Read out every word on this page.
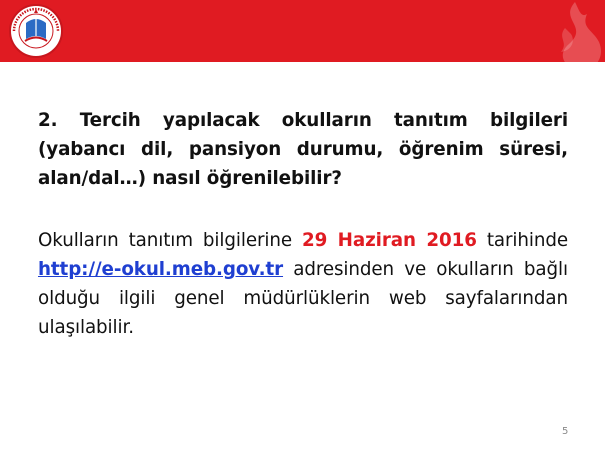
2. Tercih yapılacak okulların tanıtım bilgileri (yabancı dil, pansiyon durumu, öğrenim süresi, alan/dal…) nasıl öğrenilebilir?

Okulların tanıtım bilgilerine 29 Haziran 2016 tarihinde http://e-okul.meb.gov.tr adresinden ve okulların bağlı olduğu ilgili genel müdürlüklerin web sayfalarından ulaşılabilir.

5
